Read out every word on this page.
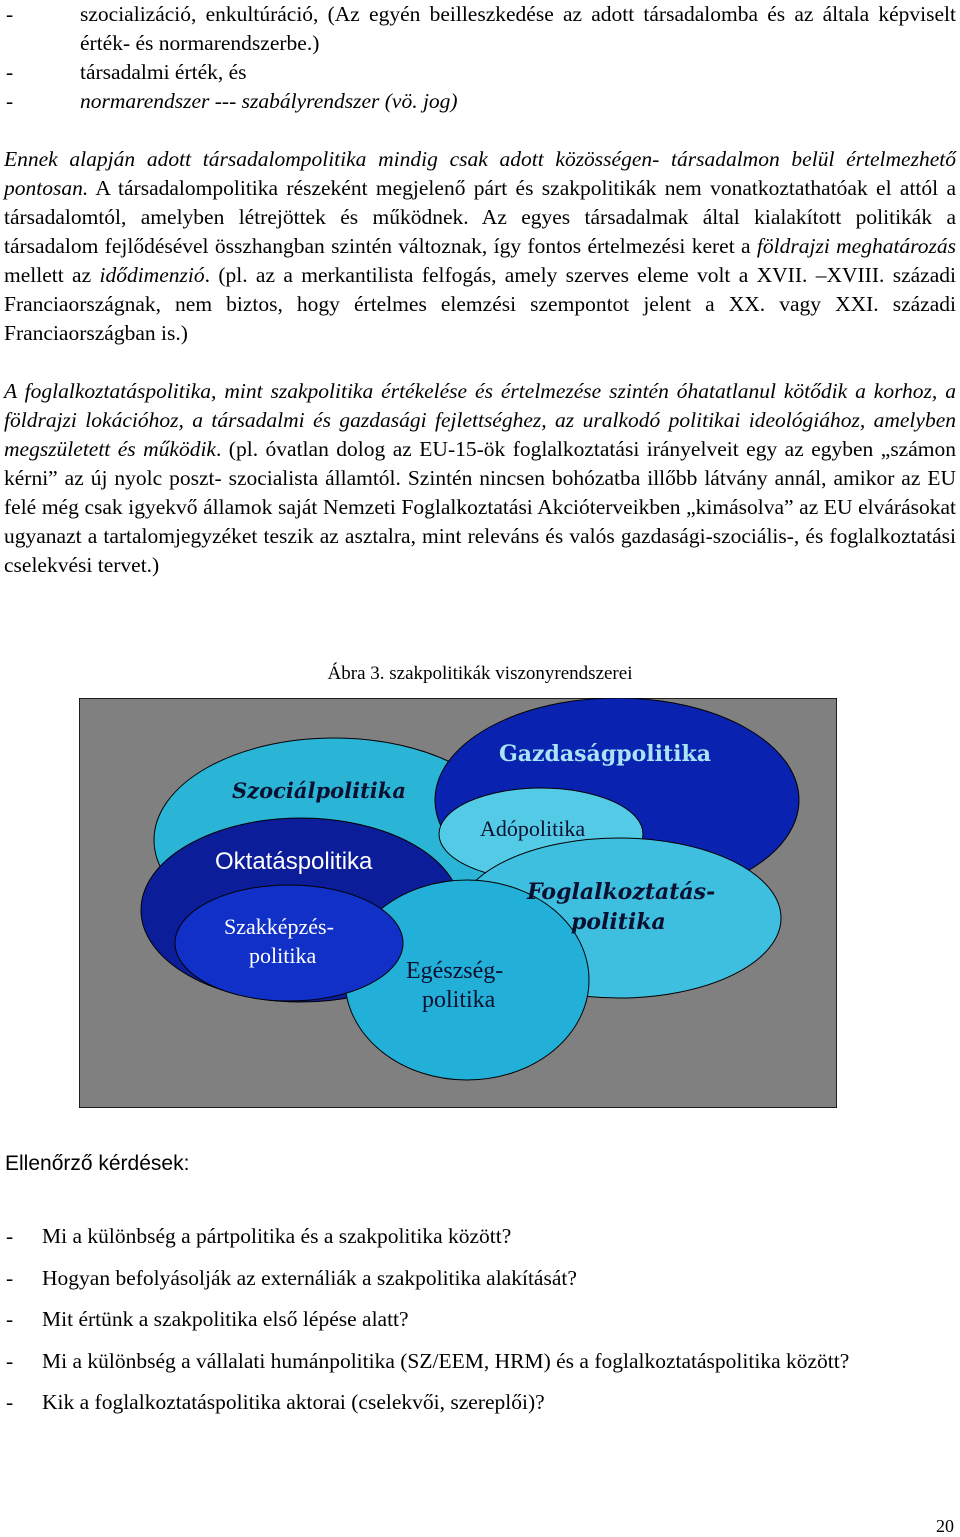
- szocializáció, enkultúráció, (Az egyén beilleszkedése az adott társadalomba és az általa képviselt érték- és normarendszerbe.)
- társadalmi érték, és
- normarendszer --- szabályrendszer (vö. jog)

Ennek alapján adott társadalompolitika mindig csak adott közösségen- társadalmon belül értelmezhető pontosan. A társadalompolitika részeként megjelenő párt és szakpolitikák nem vonatkoztathatóak el attól a társadalomtól, amelyben létrejöttek és működnek. Az egyes társadalmak által kialakított politikák a társadalom fejlődésével összhangban szintén változnak, így fontos értelmezési keret a földrajzi meghatározás mellett az idődimenzió. (pl. az a merkantilista felfogás, amely szerves eleme volt a XVII. –XVIII. századi Franciaországnak, nem biztos, hogy értelmes elemzési szempontot jelent a XX. vagy XXI. századi Franciaországban is.)

A foglalkoztatáspolitika, mint szakpolitika értékelése és értelmezése szintén óhatatlanul kötődik a korhoz, a földrajzi lokációhoz, a társadalmi és gazdasági fejlettséghez, az uralkodó politikai ideológiához, amelyben megszületett és működik. (pl. óvatlan dolog az EU-15-ök foglalkoztatási irányelveit egy az egyben „számon kérni” az új nyolc poszt- szocialista államtól. Szintén nincsen bohózatba illőbb látvány annál, amikor az EU felé még csak igyekvő államok saját Nemzeti Foglalkoztatási Akcióterveikben „kimásolva” az EU elvárásokat ugyanazt a tartalomjegyzéket teszik az asztalra, mint releváns és valós gazdasági-szociális-, és foglalkoztatási cselekvési tervet.)

Ábra 3. szakpolitikák viszonyrendszerei
Szociálpolitika
Gazdaságpolitika
Adópolitika
Oktatáspolitika
Foglalkoztatás-
politika
Szakképzés-
politika
Egészség-
politika
Ellenőrző kérdések:
- Mi a különbség a pártpolitika és a szakpolitika között?
- Hogyan befolyásolják az externáliák a szakpolitika alakítását?
- Mit értünk a szakpolitika első lépése alatt?
- Mi a különbség a vállalati humánpolitika (SZ/EEM, HRM) és a foglalkoztatáspolitika között?
- Kik a foglalkoztatáspolitika aktorai (cselekvői, szereplői)?
20
